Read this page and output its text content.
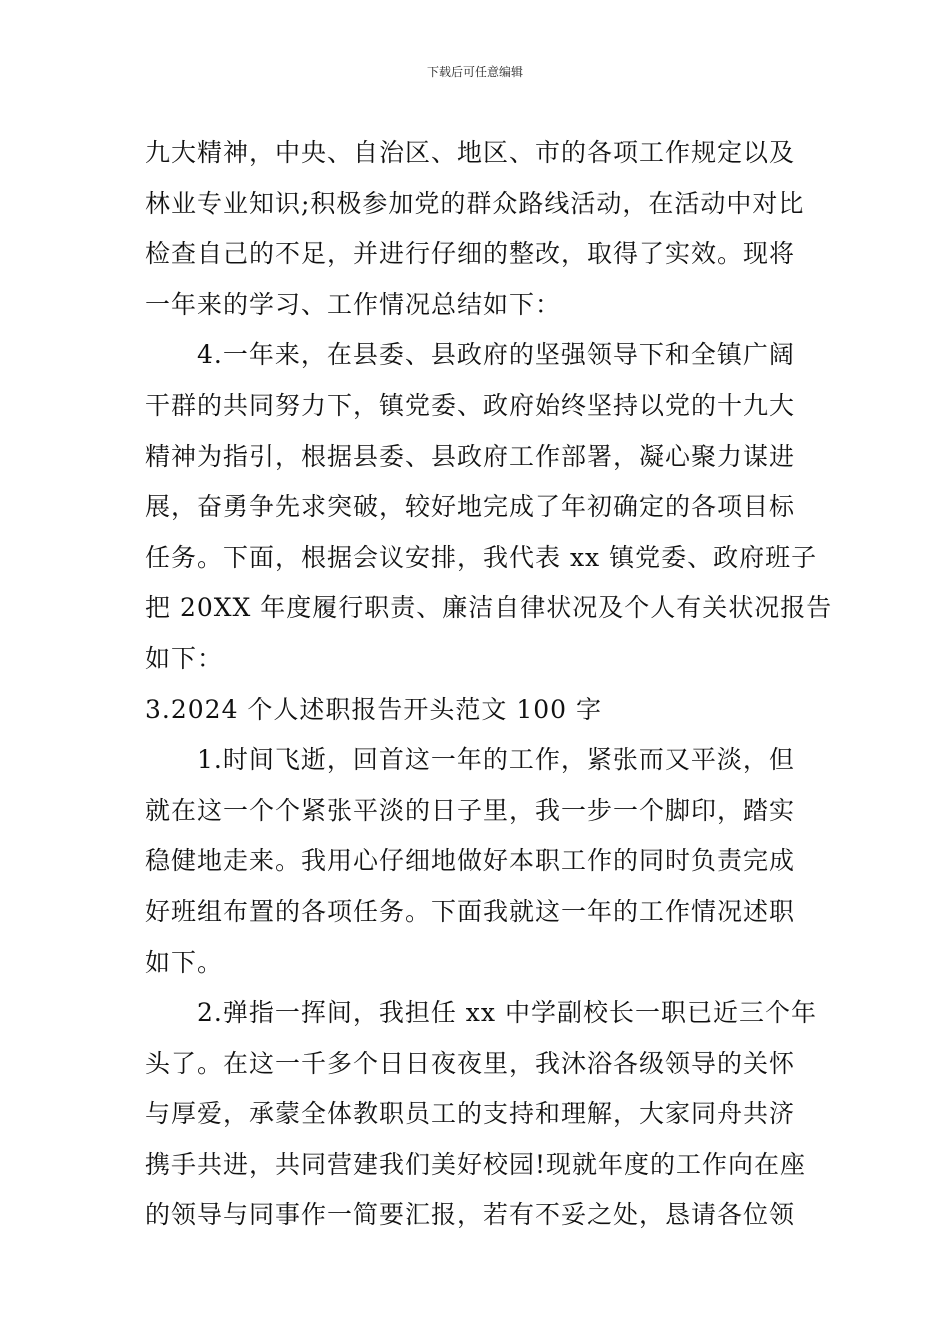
下载后可任意编辑
九大精神，中央、自治区、地区、市的各项工作规定以及
林业专业知识;积极参加党的群众路线活动，在活动中对比
检查自己的不足，并进行仔细的整改，取得了实效。现将
一年来的学习、工作情况总结如下：
4.一年来，在县委、县政府的坚强领导下和全镇广阔
干群的共同努力下，镇党委、政府始终坚持以党的十九大
精神为指引，根据县委、县政府工作部署，凝心聚力谋进
展，奋勇争先求突破，较好地完成了年初确定的各项目标
任务。下面，根据会议安排，我代表 xx 镇党委、政府班子
把 20XX 年度履行职责、廉洁自律状况及个人有关状况报告
如下：
3.2024 个人述职报告开头范文 100 字
1.时间飞逝，回首这一年的工作，紧张而又平淡，但
就在这一个个紧张平淡的日子里，我一步一个脚印，踏实
稳健地走来。我用心仔细地做好本职工作的同时负责完成
好班组布置的各项任务。下面我就这一年的工作情况述职
如下。
2.弹指一挥间，我担任 xx 中学副校长一职已近三个年
头了。在这一千多个日日夜夜里，我沐浴各级领导的关怀
与厚爱，承蒙全体教职员工的支持和理解，大家同舟共济
携手共进，共同营建我们美好校园!现就年度的工作向在座
的领导与同事作一简要汇报，若有不妥之处，恳请各位领
